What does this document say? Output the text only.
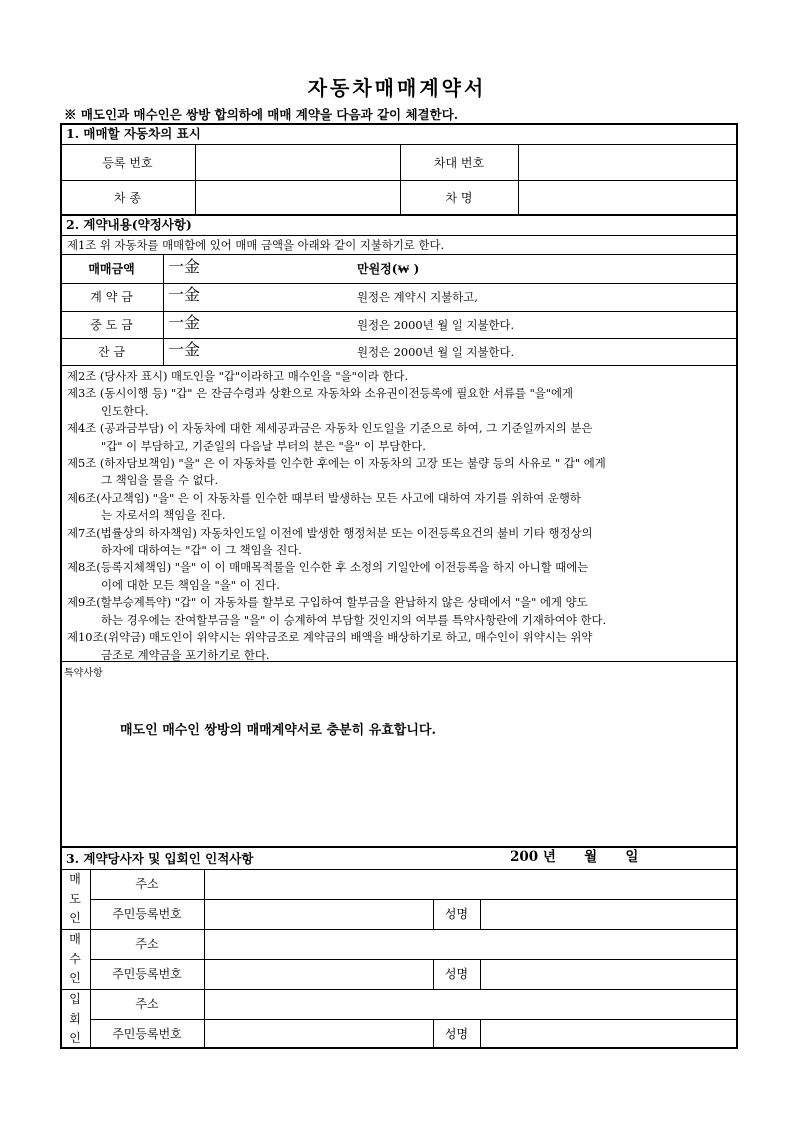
자동차매매계약서
※ 매도인과 매수인은 쌍방 합의하에 매매 계약을 다음과 같이 체결한다.
1. 매매할 자동차의 표시
등록 번호	차대 번호
차 종	차 명
2. 계약내용(약정사항)
제1조 위 자동차를 매매함에 있어 매매 금액을 아래와 같이 지불하기로 한다.
매매금액	一金	만원정(₩ )
계 약 금	一金	원정은 계약시 지불하고,
중 도 금	一金	원정은 2000년 월 일 지불한다.
잔 금	一金	원정은 2000년 월 일 지불한다.
제2조 (당사자 표시) 매도인을 "갑"이라하고 매수인을 "을"이라 한다.
제3조 (동시이행 등) "갑" 은 잔금수령과 상환으로 자동차와 소유권이전등록에 필요한 서류를 "을"에게
인도한다.
제4조 (공과금부담) 이 자동차에 대한 제세공과금은 자동차 인도일을 기준으로 하여, 그 기준일까지의 분은
"갑" 이 부담하고, 기준일의 다음날 부터의 분은 "을" 이 부담한다.
제5조 (하자담보책임) "을" 은 이 자동차를 인수한 후에는 이 자동차의 고장 또는 불량 등의 사유로 " 갑" 에게
그 책임을 물을 수 없다.
제6조(사고책임) "을" 은 이 자동차를 인수한 때부터 발생하는 모든 사고에 대하여 자기를 위하여 운행하
는 자로서의 책임을 진다.
제7조(법률상의 하자책임) 자동차인도일 이전에 발생한 행정처분 또는 이전등록요건의 불비 기타 행정상의
하자에 대하여는 "갑" 이 그 책임을 진다.
제8조(등록지체책임) "을" 이 이 매매목적물을 인수한 후 소정의 기일안에 이전등록을 하지 아니할 때에는
이에 대한 모든 책임을 "을" 이 진다.
제9조(할부승계특약) "갑" 이 자동차를 할부로 구입하여 할부금을 완납하지 않은 상태에서 "을" 에게 양도
하는 경우에는 잔여할부금을 "을" 이 승계하여 부담할 것인지의 여부를 특약사항란에 기재하여야 한다.
제10조(위약금) 매도인이 위약시는 위약금조로 계약금의 배액을 배상하기로 하고, 매수인이 위약시는 위약
금조로 계약금을 포기하기로 한다.
특약사항
매도인 매수인 쌍방의 매매계약서로 충분히 유효합니다.
3. 계약당사자 및 입회인 인적사항	200 년      월      일
매
도
인
주소
주민등록번호	성명
매
수
인
주소
주민등록번호	성명
입
회
인
주소
주민등록번호	성명
